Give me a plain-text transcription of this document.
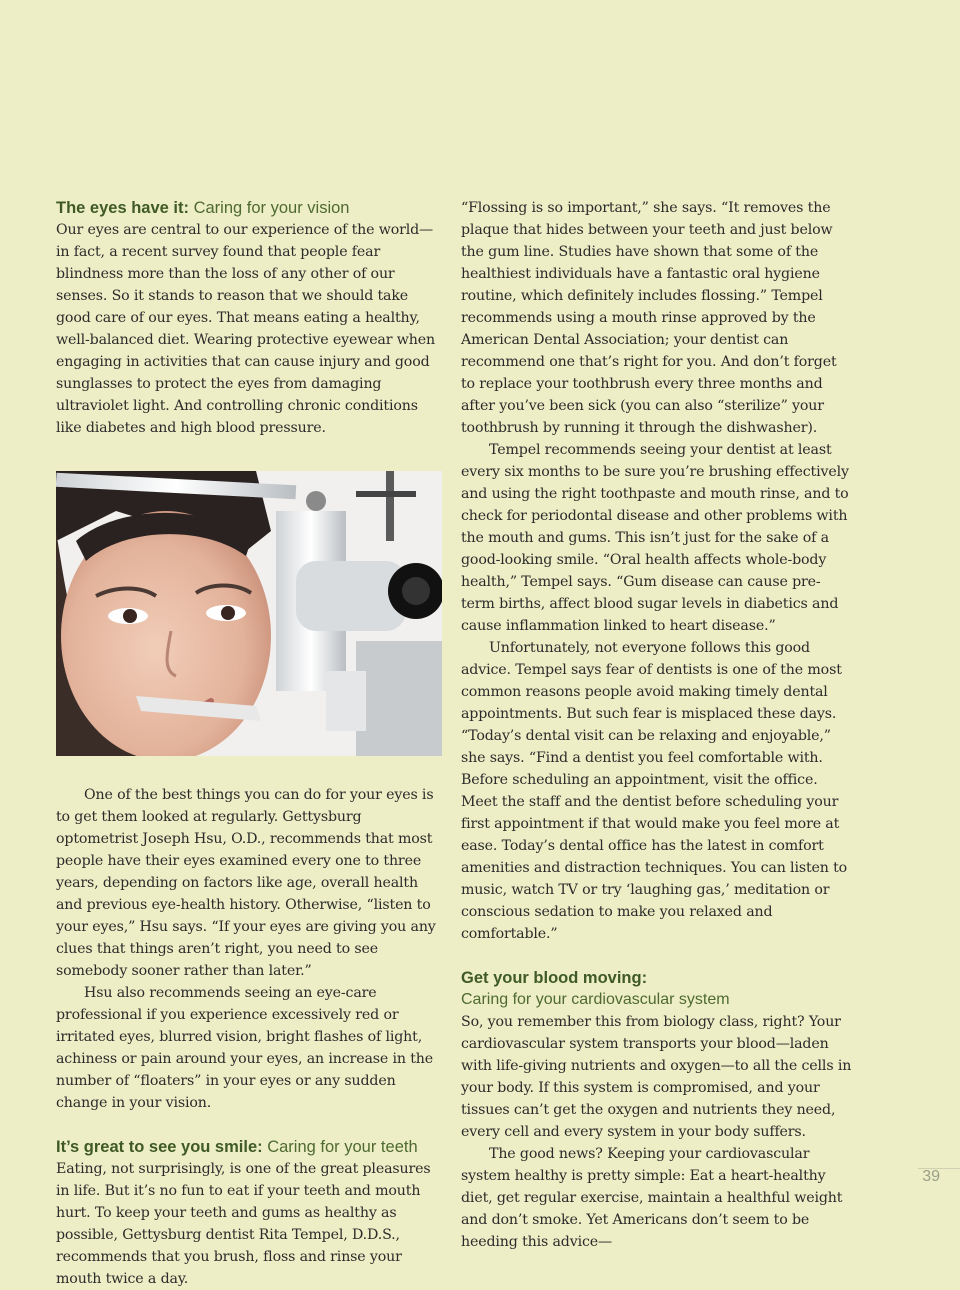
The eyes have it: Caring for your vision

Our eyes are central to our experience of the world—in fact, a recent survey found that people fear blindness more than the loss of any other of our senses. So it stands to reason that we should take good care of our eyes. That means eating a healthy, well-balanced diet. Wearing protective eyewear when engaging in activities that can cause injury and good sunglasses to protect the eyes from damaging ultraviolet light. And controlling chronic conditions like diabetes and high blood pressure.

One of the best things you can do for your eyes is to get them looked at regularly. Gettysburg optometrist Joseph Hsu, O.D., recommends that most people have their eyes examined every one to three years, depending on factors like age, overall health and previous eye-health history. Otherwise, “listen to your eyes,” Hsu says. “If your eyes are giving you any clues that things aren’t right, you need to see somebody sooner rather than later.”

Hsu also recommends seeing an eye-care professional if you experience excessively red or irritated eyes, blurred vision, bright flashes of light, achiness or pain around your eyes, an increase in the number of “floaters” in your eyes or any sudden change in your vision.

It’s great to see you smile: Caring for your teeth

Eating, not surprisingly, is one of the great pleasures in life. But it’s no fun to eat if your teeth and mouth hurt. To keep your teeth and gums as healthy as possible, Gettysburg dentist Rita Tempel, D.D.S., recommends that you brush, floss and rinse your mouth twice a day.

“Flossing is so important,” she says. “It removes the plaque that hides between your teeth and just below the gum line. Studies have shown that some of the healthiest individuals have a fantastic oral hygiene routine, which definitely includes flossing.” Tempel recommends using a mouth rinse approved by the American Dental Association; your dentist can recommend one that’s right for you. And don’t forget to replace your toothbrush every three months and after you’ve been sick (you can also “sterilize” your toothbrush by running it through the dishwasher).

Tempel recommends seeing your dentist at least every six months to be sure you’re brushing effectively and using the right toothpaste and mouth rinse, and to check for periodontal disease and other problems with the mouth and gums. This isn’t just for the sake of a good-looking smile. “Oral health affects whole-body health,” Tempel says. “Gum disease can cause pre-term births, affect blood sugar levels in diabetics and cause inflammation linked to heart disease.”

Unfortunately, not everyone follows this good advice. Tempel says fear of dentists is one of the most common reasons people avoid making timely dental appointments. But such fear is misplaced these days. “Today’s dental visit can be relaxing and enjoyable,” she says. “Find a dentist you feel comfortable with. Before scheduling an appointment, visit the office. Meet the staff and the dentist before scheduling your first appointment if that would make you feel more at ease. Today’s dental office has the latest in comfort amenities and distraction techniques. You can listen to music, watch TV or try ‘laughing gas,’ meditation or conscious sedation to make you relaxed and comfortable.”

Get your blood moving:
Caring for your cardiovascular system

So, you remember this from biology class, right? Your cardiovascular system transports your blood—laden with life-giving nutrients and oxygen—to all the cells in your body. If this system is compromised, and your tissues can’t get the oxygen and nutrients they need, every cell and every system in your body suffers.

The good news? Keeping your cardiovascular system healthy is pretty simple: Eat a heart-healthy diet, get regular exercise, maintain a healthful weight and don’t smoke. Yet Americans don’t seem to be heeding this advice—

39
